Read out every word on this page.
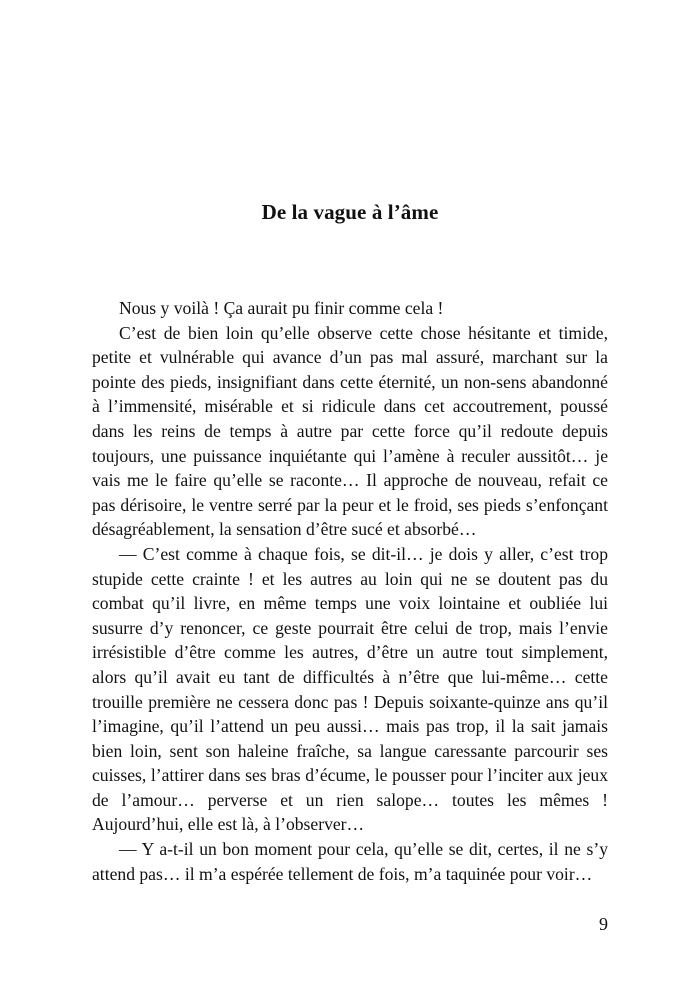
De la vague à l’âme

Nous y voilà ! Ça aurait pu finir comme cela !

C’est de bien loin qu’elle observe cette chose hésitante et timide, petite et vulnérable qui avance d’un pas mal assuré, marchant sur la pointe des pieds, insignifiant dans cette éternité, un non-sens abandonné à l’immensité, misérable et si ridicule dans cet accoutrement, poussé dans les reins de temps à autre par cette force qu’il redoute depuis toujours, une puissance inquiétante qui l’amène à reculer aussitôt… je vais me le faire qu’elle se raconte… Il approche de nouveau, refait ce pas dérisoire, le ventre serré par la peur et le froid, ses pieds s’enfonçant désagréablement, la sensation d’être sucé et absorbé…

— C’est comme à chaque fois, se dit-il… je dois y aller, c’est trop stupide cette crainte ! et les autres au loin qui ne se doutent pas du combat qu’il livre, en même temps une voix lointaine et oubliée lui susurre d’y renoncer, ce geste pourrait être celui de trop, mais l’envie irrésistible d’être comme les autres, d’être un autre tout simplement, alors qu’il avait eu tant de difficultés à n’être que lui-même… cette trouille première ne cessera donc pas ! Depuis soixante-quinze ans qu’il l’imagine, qu’il l’attend un peu aussi… mais pas trop, il la sait jamais bien loin, sent son haleine fraîche, sa langue caressante parcourir ses cuisses, l’attirer dans ses bras d’écume, le pousser pour l’inciter aux jeux de l’amour… perverse et un rien salope… toutes les mêmes ! Aujourd’hui, elle est là, à l’observer…

— Y a-t-il un bon moment pour cela, qu’elle se dit, certes, il ne s’y attend pas… il m’a espérée tellement de fois, m’a taquinée pour voir…

9
